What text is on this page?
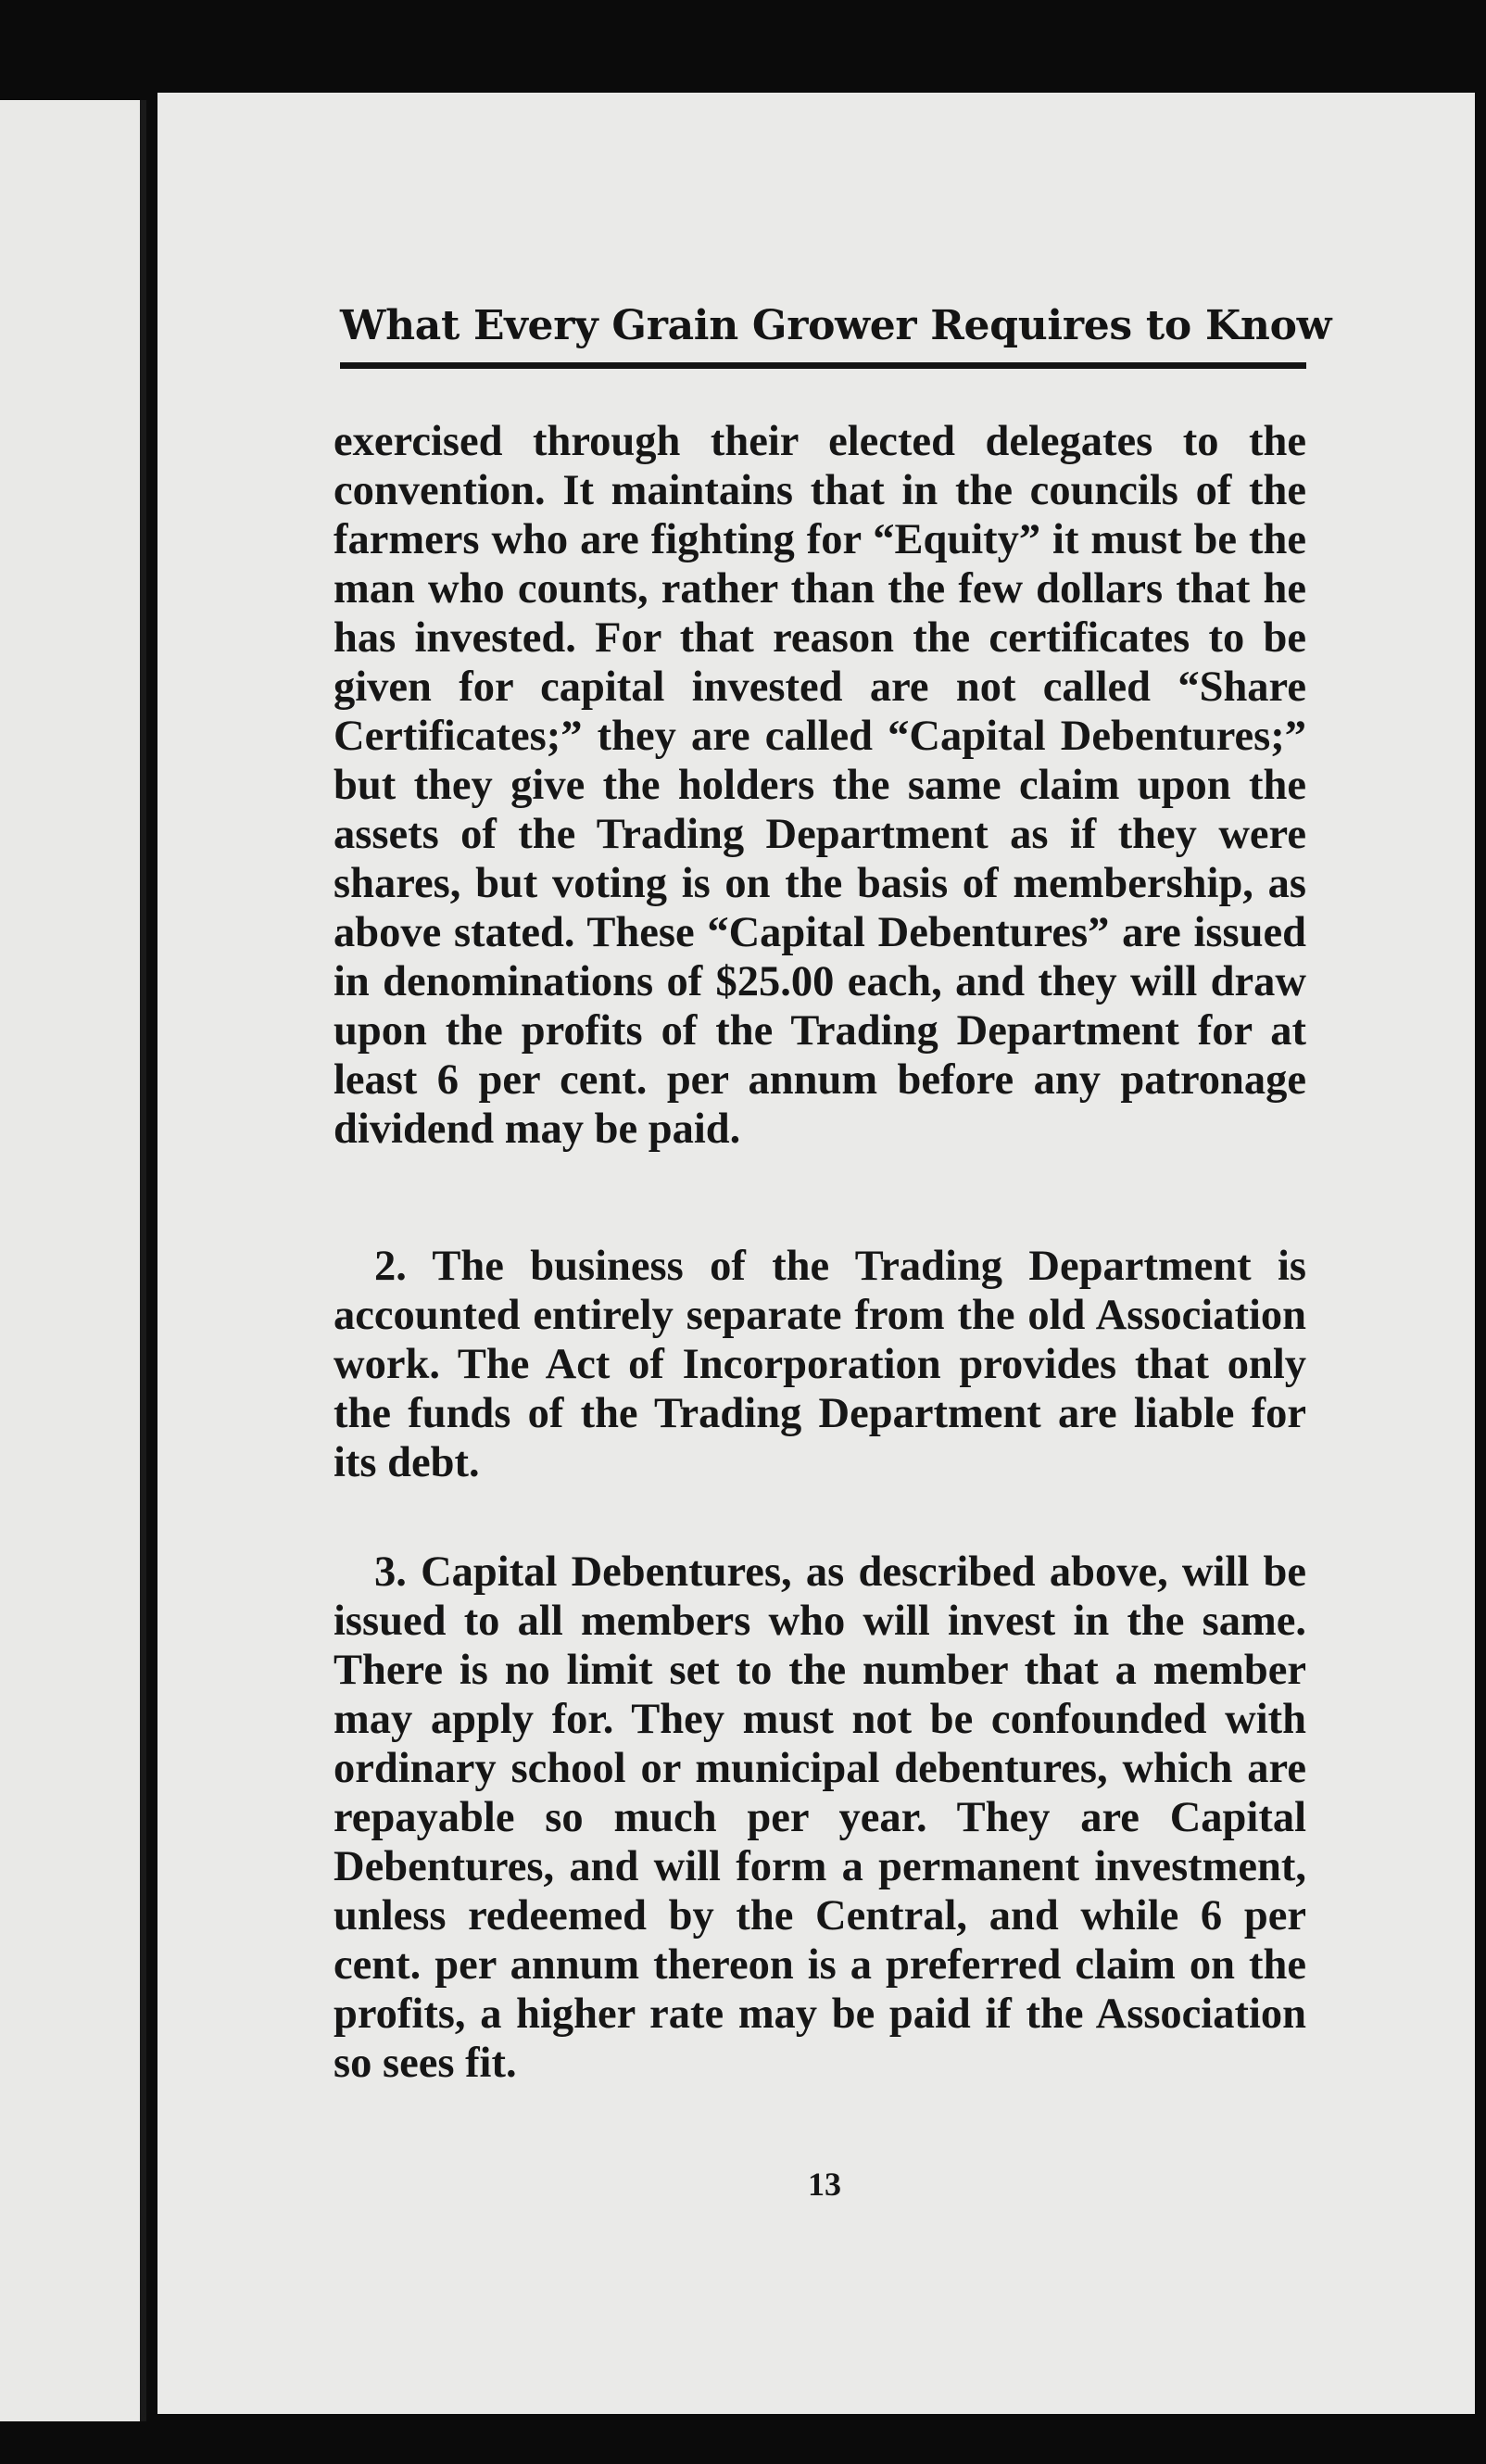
What Every Grain Grower Requires to Know

exercised through their elected delegates to the convention. It maintains that in the councils of the farmers who are fighting for “Equity” it must be the man who counts, rather than the few dollars that he has invested. For that reason the certificates to be given for capital invested are not called “Share Certificates;” they are called “Capital Debentures;” but they give the holders the same claim upon the assets of the Trading Department as if they were shares, but voting is on the basis of membership, as above stated. These “Capital Debentures” are issued in denominations of $25.00 each, and they will draw upon the profits of the Trading Department for at least 6 per cent. per annum before any patronage dividend may be paid.

2. The business of the Trading Department is accounted entirely separate from the old Association work. The Act of Incorporation provides that only the funds of the Trading Department are liable for its debt.

3. Capital Debentures, as described above, will be issued to all members who will invest in the same. There is no limit set to the number that a member may apply for. They must not be confounded with ordinary school or municipal debentures, which are repayable so much per year. They are Capital Debentures, and will form a permanent investment, unless redeemed by the Central, and while 6 per cent. per annum thereon is a preferred claim on the profits, a higher rate may be paid if the Association so sees fit.

13
